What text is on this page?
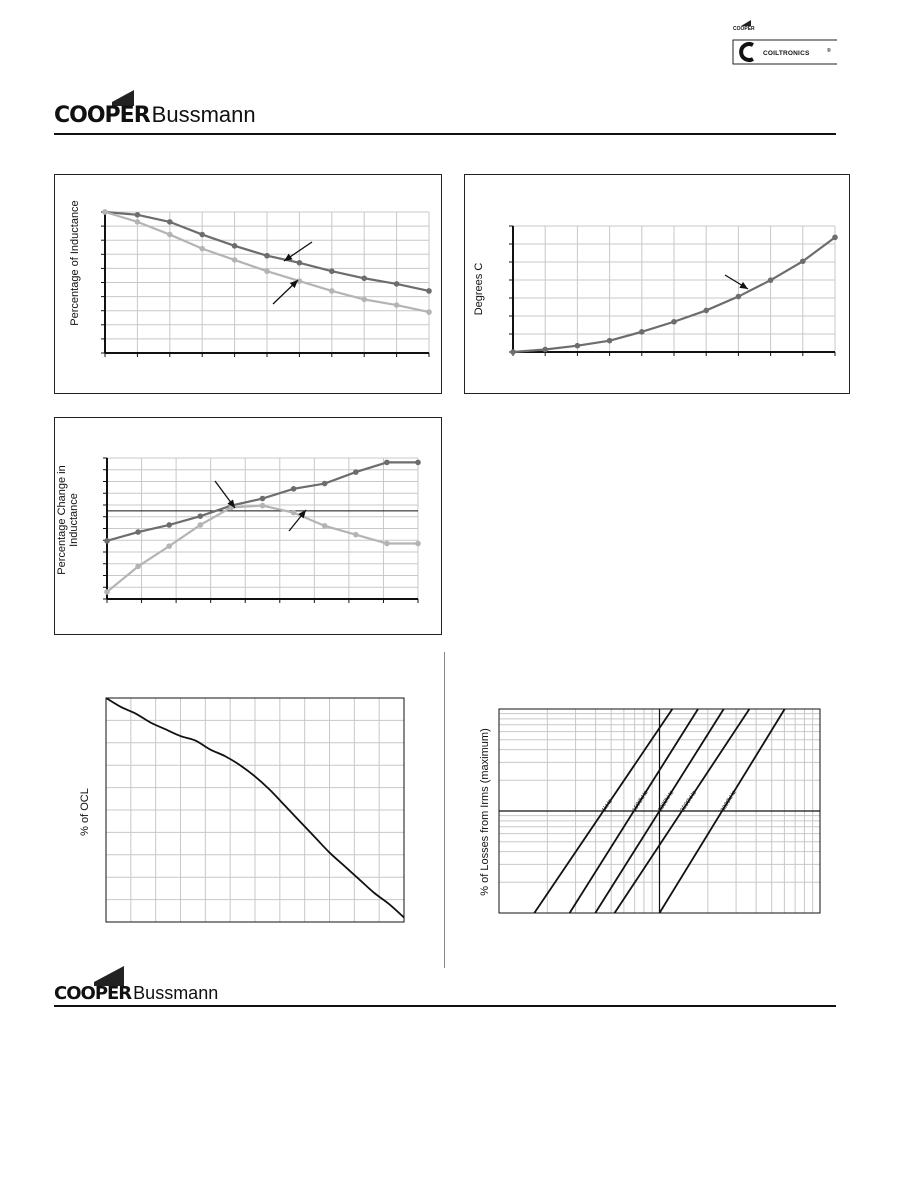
COOPER
COILTRONICS	®
COOPERBussmann
Percentage of Inductance	Degrees C
Percentage Change in Inductance
% of OCL	% of Losses from Irms (maximum)	1kHz	1500kHz 2000kHz 2500kHz	3000kHz
COOPER Bussmann
